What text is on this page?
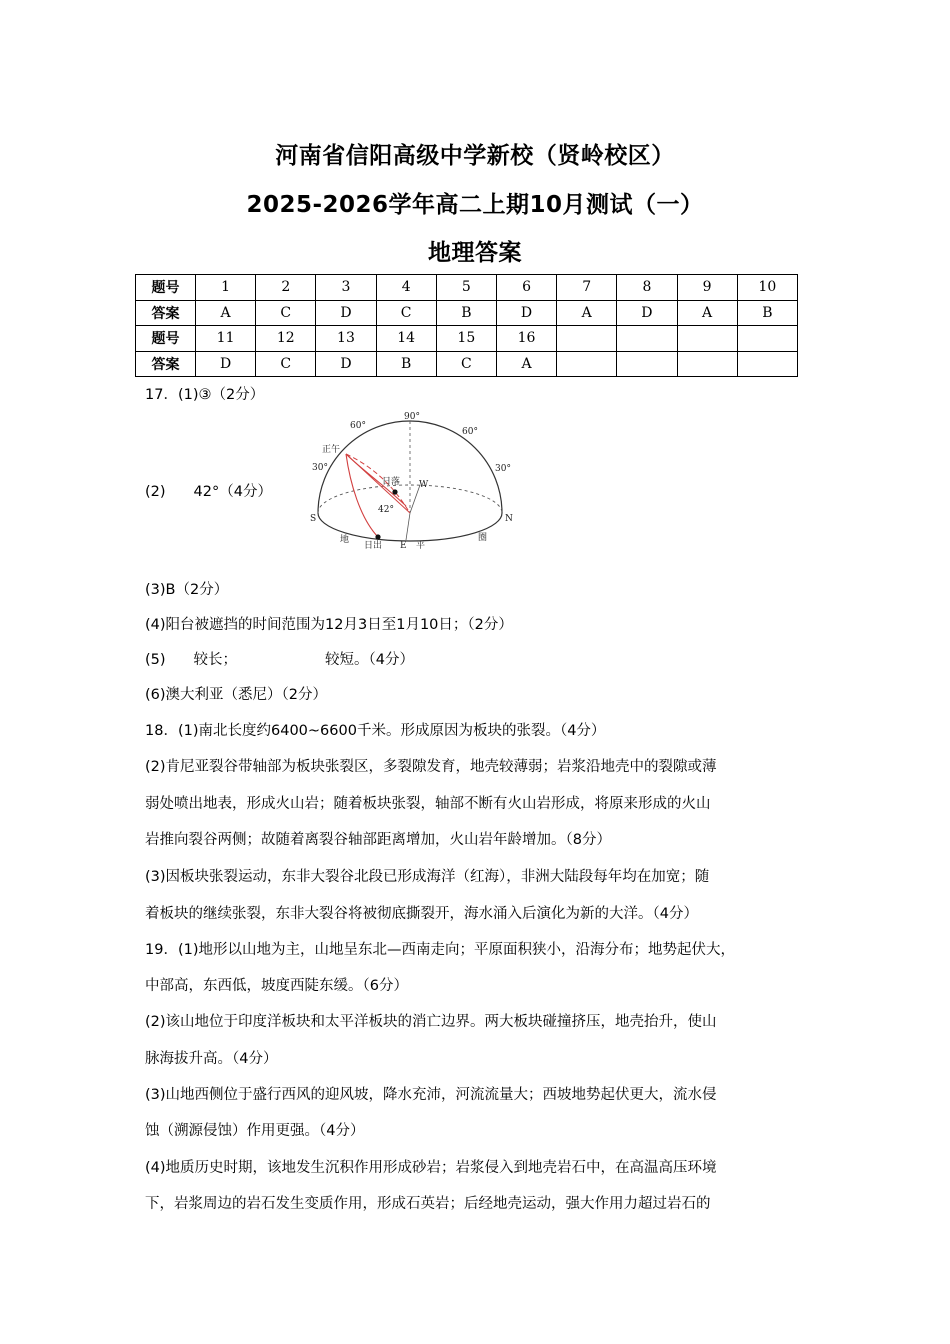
河南省信阳高级中学新校（贤岭校区）
2025-2026学年高二上期10月测试（一）
地理答案
题号	1	2	3	4	5	6	7	8	9	10
答案	A	C	D	C	B	D	A	D	A	B
题号	11	12	13	14	15	16				
答案	D	C	D	B	C	A				
17．(1)③（2分）
(2) 42°（4分）
60°
90°
60°
正午
30°	30°
日落 W
S	N
42°
地
日出 E 平
圈
(3)B（2分）
(4)阳台被遮挡的时间范围为12月3日至1月10日；（2分）
(5) 较长；	较短。（4分）
(6)澳大利亚（悉尼）（2分）
18．(1)南北长度约6400~6600千米。形成原因为板块的张裂。（4分）
(2)肯尼亚裂谷带轴部为板块张裂区，多裂隙发育，地壳较薄弱；岩浆沿地壳中的裂隙或薄
弱处喷出地表，形成火山岩；随着板块张裂，轴部不断有火山岩形成，将原来形成的火山
岩推向裂谷两侧；故随着离裂谷轴部距离增加，火山岩年龄增加。（8分）
(3)因板块张裂运动，东非大裂谷北段已形成海洋（红海），非洲大陆段每年均在加宽；随
着板块的继续张裂，东非大裂谷将被彻底撕裂开，海水涌入后演化为新的大洋。（4分）
19．(1)地形以山地为主，山地呈东北—西南走向；平原面积狭小，沿海分布；地势起伏大，
中部高，东西低，坡度西陡东缓。（6分）
(2)该山地位于印度洋板块和太平洋板块的消亡边界。两大板块碰撞挤压，地壳抬升，使山
脉海拔升高。（4分）
(3)山地西侧位于盛行西风的迎风坡，降水充沛，河流流量大；西坡地势起伏更大，流水侵
蚀（溯源侵蚀）作用更强。（4分）
(4)地质历史时期，该地发生沉积作用形成砂岩；岩浆侵入到地壳岩石中，在高温高压环境
下，岩浆周边的岩石发生变质作用，形成石英岩；后经地壳运动，强大作用力超过岩石的
